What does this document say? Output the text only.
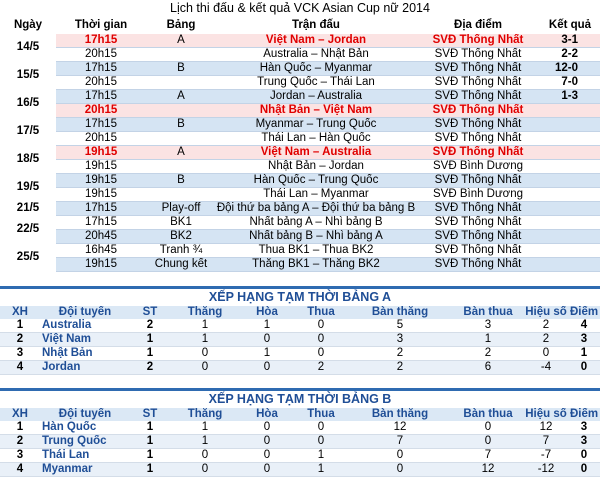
Lịch thi đấu & kết quả VCK Asian Cup nữ 2014
Ngày	Thời gian	Bảng	Trận đấu	Địa điểm	Kết quả
14/5	17h15	A	Việt Nam – Jordan	SVĐ Thống Nhất	3-1
	20h15		Australia – Nhật Bản	SVĐ Thống Nhất	2-2
15/5	17h15	B	Hàn Quốc – Myanmar	SVĐ Thống Nhất	12-0
	20h15		Trung Quốc – Thái Lan	SVĐ Thống Nhất	7-0
16/5	17h15	A	Jordan – Australia	SVĐ Thống Nhất	1-3
	20h15		Nhật Bản – Việt Nam	SVĐ Thống Nhất	
17/5	17h15	B	Myanmar – Trung Quốc	SVĐ Thống Nhất	
	20h15		Thái Lan – Hàn Quốc	SVĐ Thống Nhất	
18/5	19h15	A	Việt Nam – Australia	SVĐ Thống Nhất	
	19h15		Nhật Bản – Jordan	SVĐ Bình Dương	
19/5	19h15	B	Hàn Quốc – Trung Quốc	SVĐ Thống Nhất	
	19h15		Thái Lan – Myanmar	SVĐ Bình Dương	
21/5	17h15	Play-off	Đội thứ ba bảng A – Đội thứ ba bảng B	SVĐ Thống Nhất	
22/5	17h15	BK1	Nhất bảng A – Nhì bảng B	SVĐ Thống Nhất	
	20h45	BK2	Nhất bảng B – Nhì bảng A	SVĐ Thống Nhất	
25/5	16h45	Tranh ¾	Thua BK1 – Thua BK2	SVĐ Thống Nhất	
	19h15	Chung kết	Thắng BK1 – Thắng BK2	SVĐ Thống Nhất	
XẾP HẠNG TẠM THỜI BẢNG A
XH	Đội tuyển	ST	Thắng	Hòa	Thua	Bàn thắng	Bàn thua	Hiệu số	Điểm
1	Australia	2	1	1	0	5	3	2	4
2	Việt Nam	1	1	0	0	3	1	2	3
3	Nhật Bản	1	0	1	0	2	2	0	1
4	Jordan	2	0	0	2	2	6	-4	0
XẾP HẠNG TẠM THỜI BẢNG B
XH	Đội tuyển	ST	Thắng	Hòa	Thua	Bàn thắng	Bàn thua	Hiệu số	Điểm
1	Hàn Quốc	1	1	0	0	12	0	12	3
2	Trung Quốc	1	1	0	0	7	0	7	3
3	Thái Lan	1	0	0	1	0	7	-7	0
4	Myanmar	1	0	0	1	0	12	-12	0
